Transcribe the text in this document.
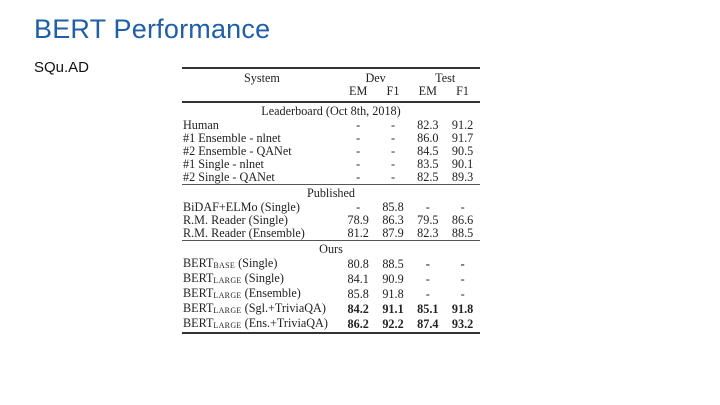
BERT Performance
SQu.AD
System	Dev		Test	
	EM	F1	EM	F1
Leaderboard (Oct 8th, 2018)				
Human	-	-	82.3	91.2
#1 Ensemble - nlnet	-	-	86.0	91.7
#2 Ensemble - QANet	-	-	84.5	90.5
#1 Single - nlnet	-	-	83.5	90.1
#2 Single - QANet	-	-	82.5	89.3
Published				
BiDAF+ELMo (Single)	-	85.8	-	-
R.M. Reader (Single)	78.9	86.3	79.5	86.6
R.M. Reader (Ensemble)	81.2	87.9	82.3	88.5
Ours				
$BERT_{BASE}$ (Single)	80.8	88.5	-	-
$BERT_{LARGE}$ (Single)	84.1	90.9	-	-
$BERT_{LARGE}$ (Ensemble)	85.8	91.8	-	-
$BERT_{LARGE}$ (Sgl.+TriviaQA)	84.2	91.1	85.1	91.8
$BERT_{LARGE}$ (Ens.+TriviaQA)	86.2	92.2	87.4	93.2
